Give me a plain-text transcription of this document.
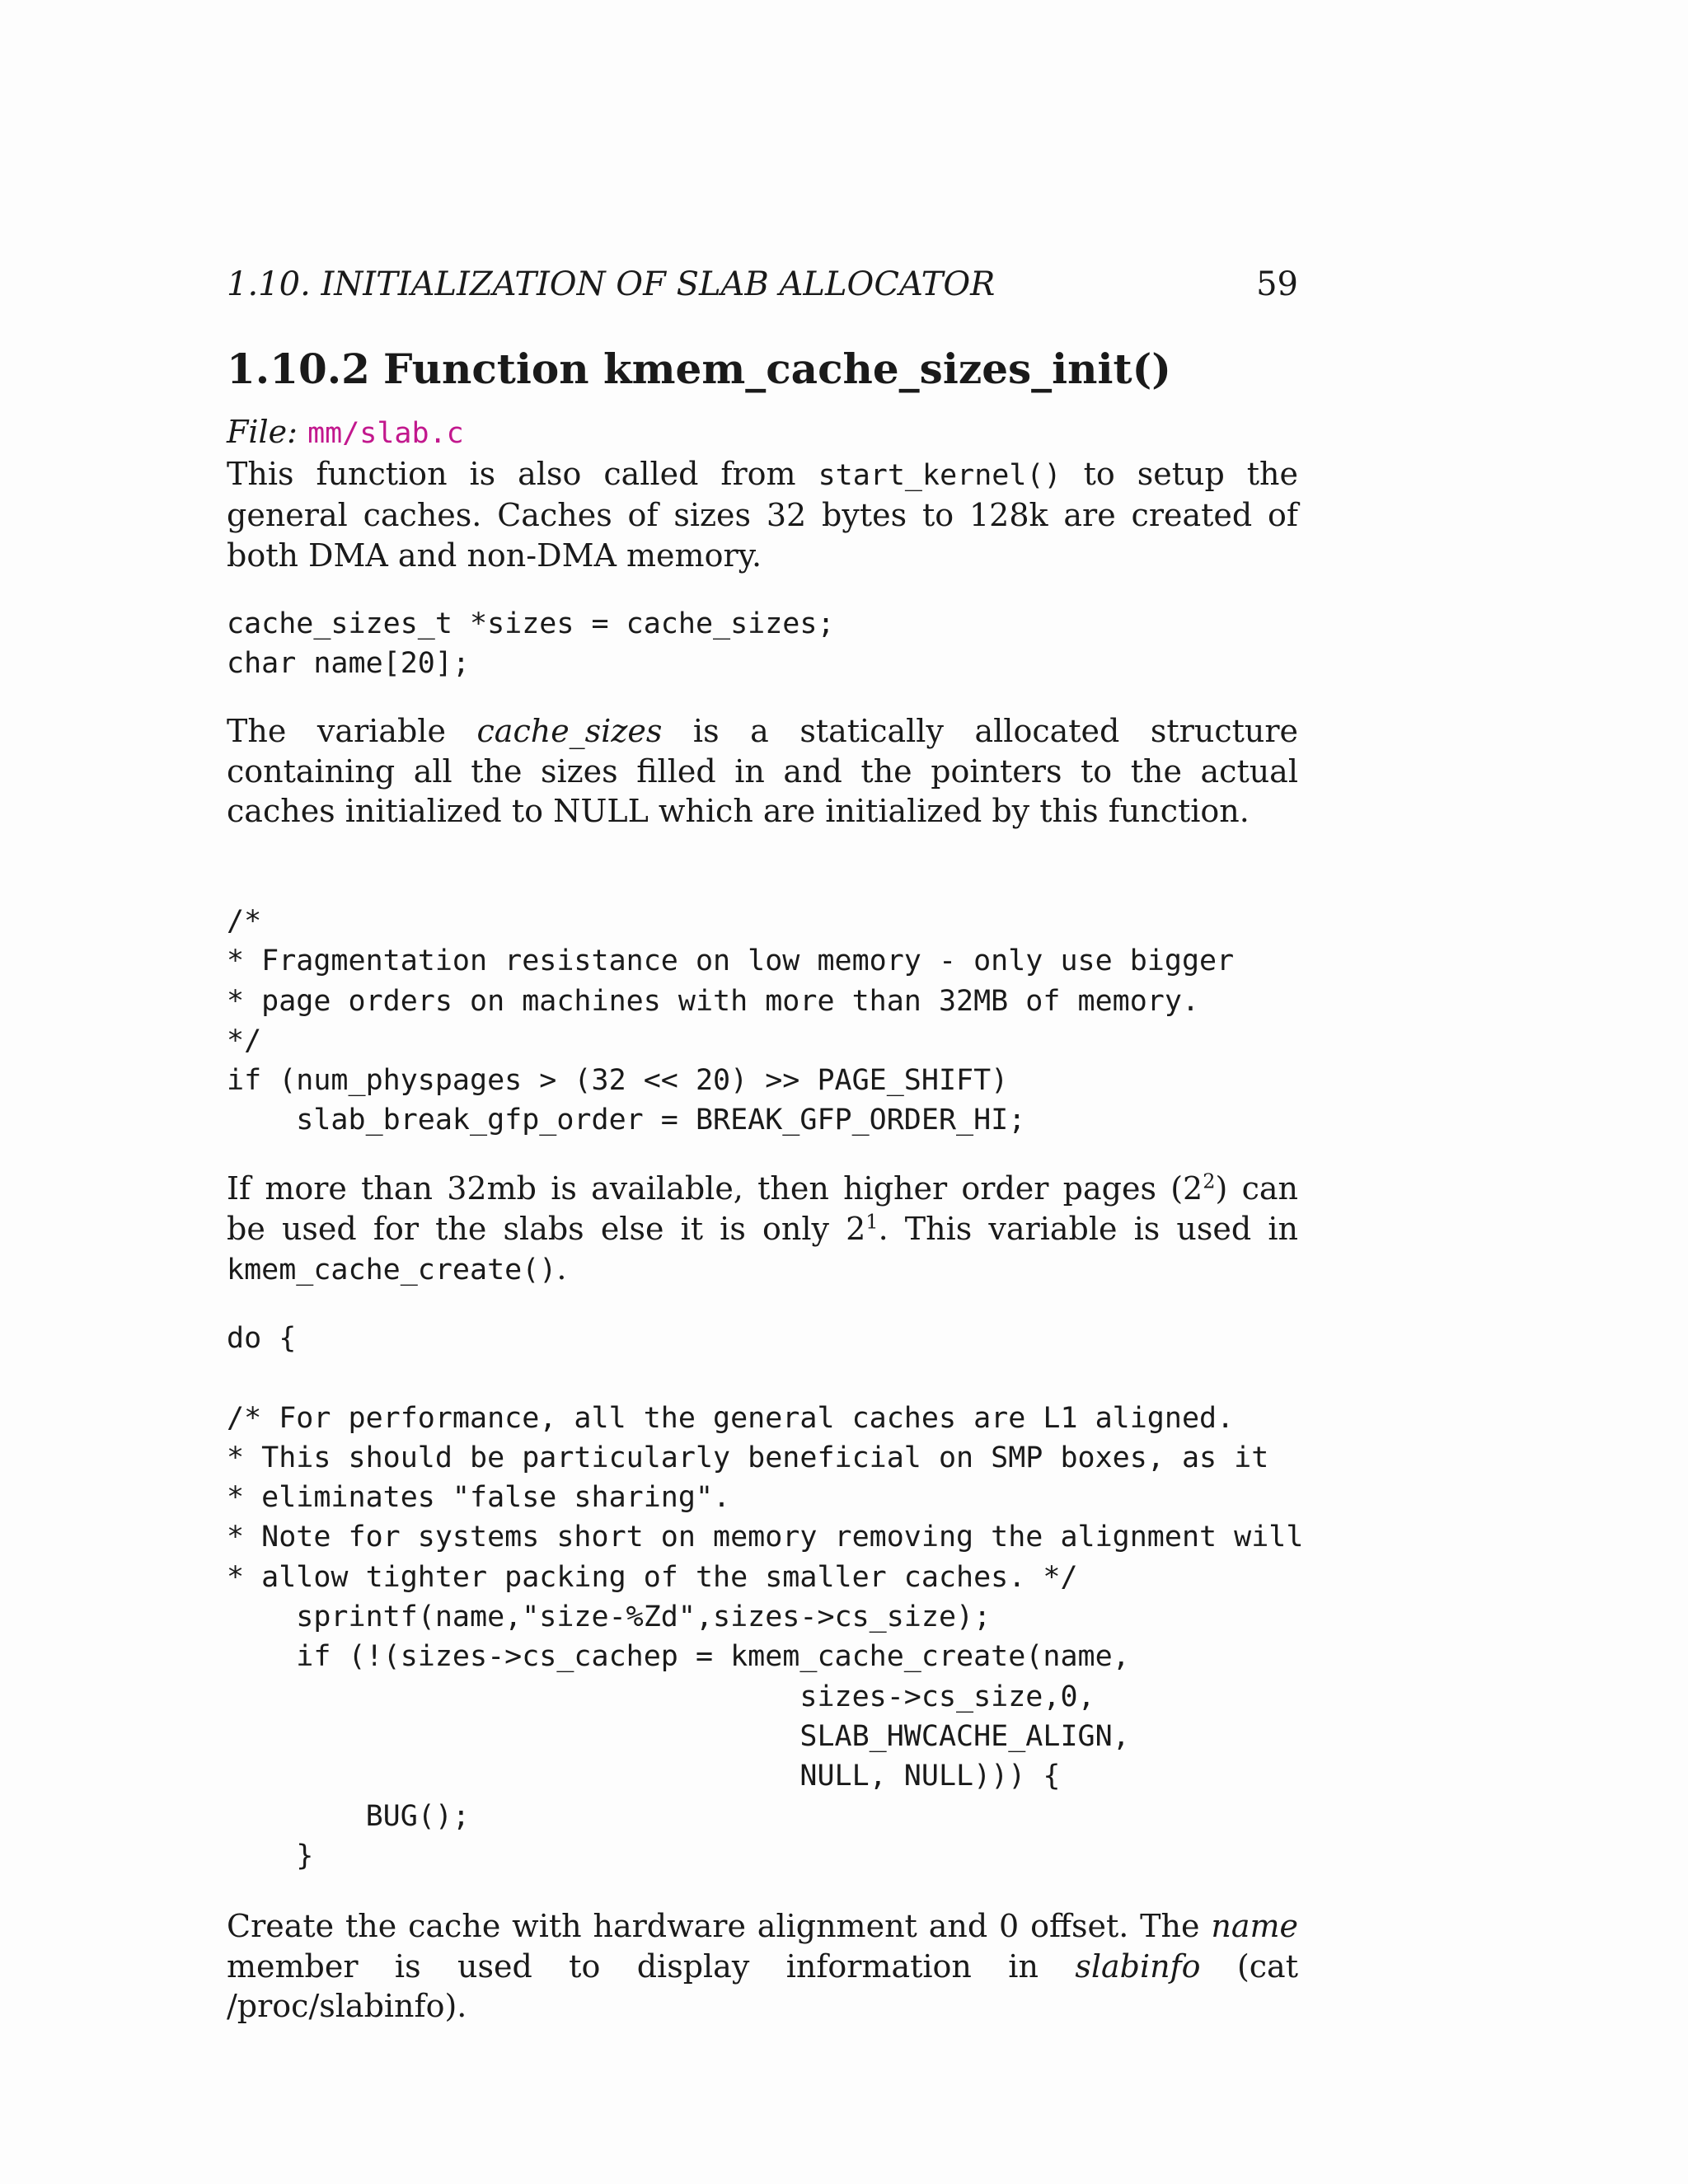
1.10. INITIALIZATION OF SLAB ALLOCATOR	59
1.10.2 Function kmem_cache_sizes_init()
File: mm/slab.c
This function is also called from start_kernel() to setup the general caches. Caches of sizes 32 bytes to 128k are created of both DMA and non-DMA memory.
cache_sizes_t *sizes = cache_sizes;
char name[20];
The variable cache_sizes is a statically allocated structure containing all the sizes filled in and the pointers to the actual caches initialized to NULL which are initialized by this function.
/*
* Fragmentation resistance on low memory - only use bigger
* page orders on machines with more than 32MB of memory.
*/
if (num_physpages > (32 << 20) >> PAGE_SHIFT)
slab_break_gfp_order = BREAK_GFP_ORDER_HI;
If more than 32mb is available, then higher order pages $(2^2)$ can be used for the slabs else it is only $2^1$. This variable is used in kmem_cache_create().
do {

/* For performance, all the general caches are L1 aligned.
* This should be particularly beneficial on SMP boxes, as it
* eliminates "false sharing".
* Note for systems short on memory removing the alignment will
* allow tighter packing of the smaller caches. */
sprintf(name,"size-%Zd",sizes->cs_size);
if (!(sizes->cs_cachep = kmem_cache_create(name,
sizes->cs_size,0,
SLAB_HWCACHE_ALIGN,
NULL, NULL))) {
BUG();
}
Create the cache with hardware alignment and 0 offset. The name member is used to display information in slabinfo (cat /proc/slabinfo).
